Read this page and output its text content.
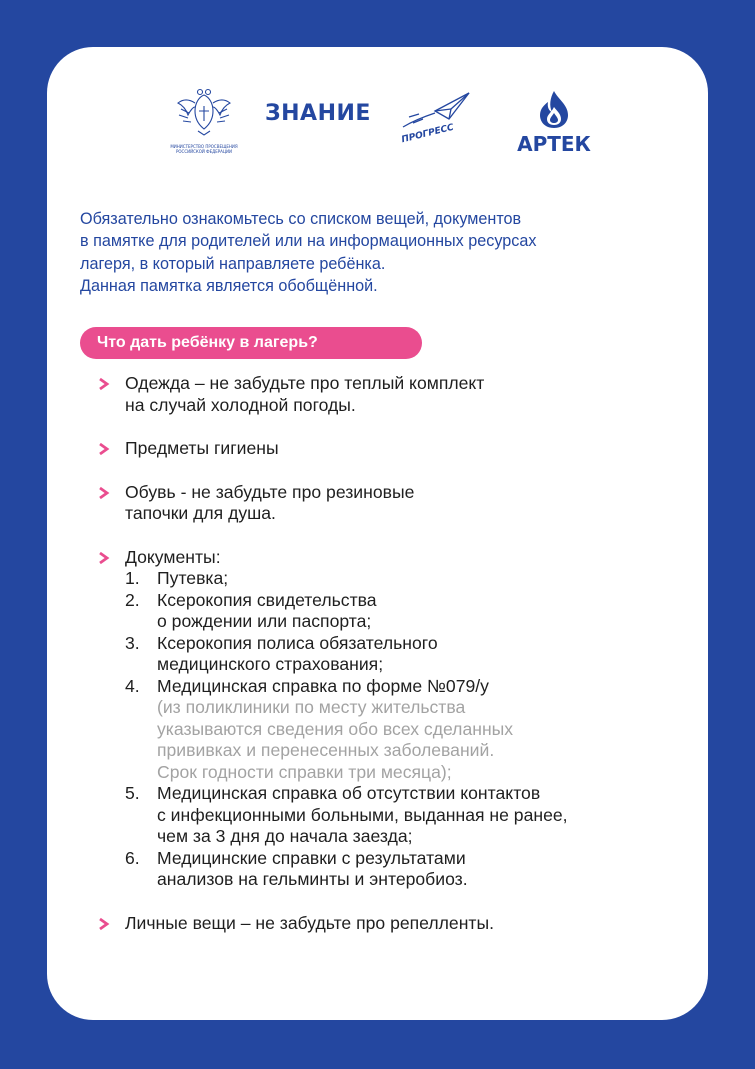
МИНИСТЕРСТВО ПРОСВЕЩЕНИЯ РОССИЙСКОЙ ФЕДЕРАЦИИ
ЗНАНИЕ
ПРОГРЕСС	АРТЕК

Обязательно ознакомьтесь со списком вещей, документов

в памятке для родителей или на информационных ресурсах

лагеря, в который направляете ребёнка.

Данная памятка является обобщённой.

Что дать ребёнку в лагерь?

Одежда – не забудьте про теплый комплект

на случай холодной погоды.

Предметы гигиены

Обувь - не забудьте про резиновые

тапочки для душа.

Документы:

1. Путевка;
2. Ксерокопия свидетельства
о рождении или паспорта;
3. Ксерокопия полиса обязательного
медицинского страхования;
4. Медицинская справка по форме №079/у
(из поликлиники по месту жительства
указываются сведения обо всех сделанных
прививках и перенесенных заболеваний.
Срок годности справки три месяца);
5. Медицинская справка об отсутствии контактов
с инфекционными больными, выданная не ранее,
чем за 3 дня до начала заезда;
6. Медицинские справки с результатами
анализов на гельминты и энтеробиоз.

Личные вещи – не забудьте про репелленты.
